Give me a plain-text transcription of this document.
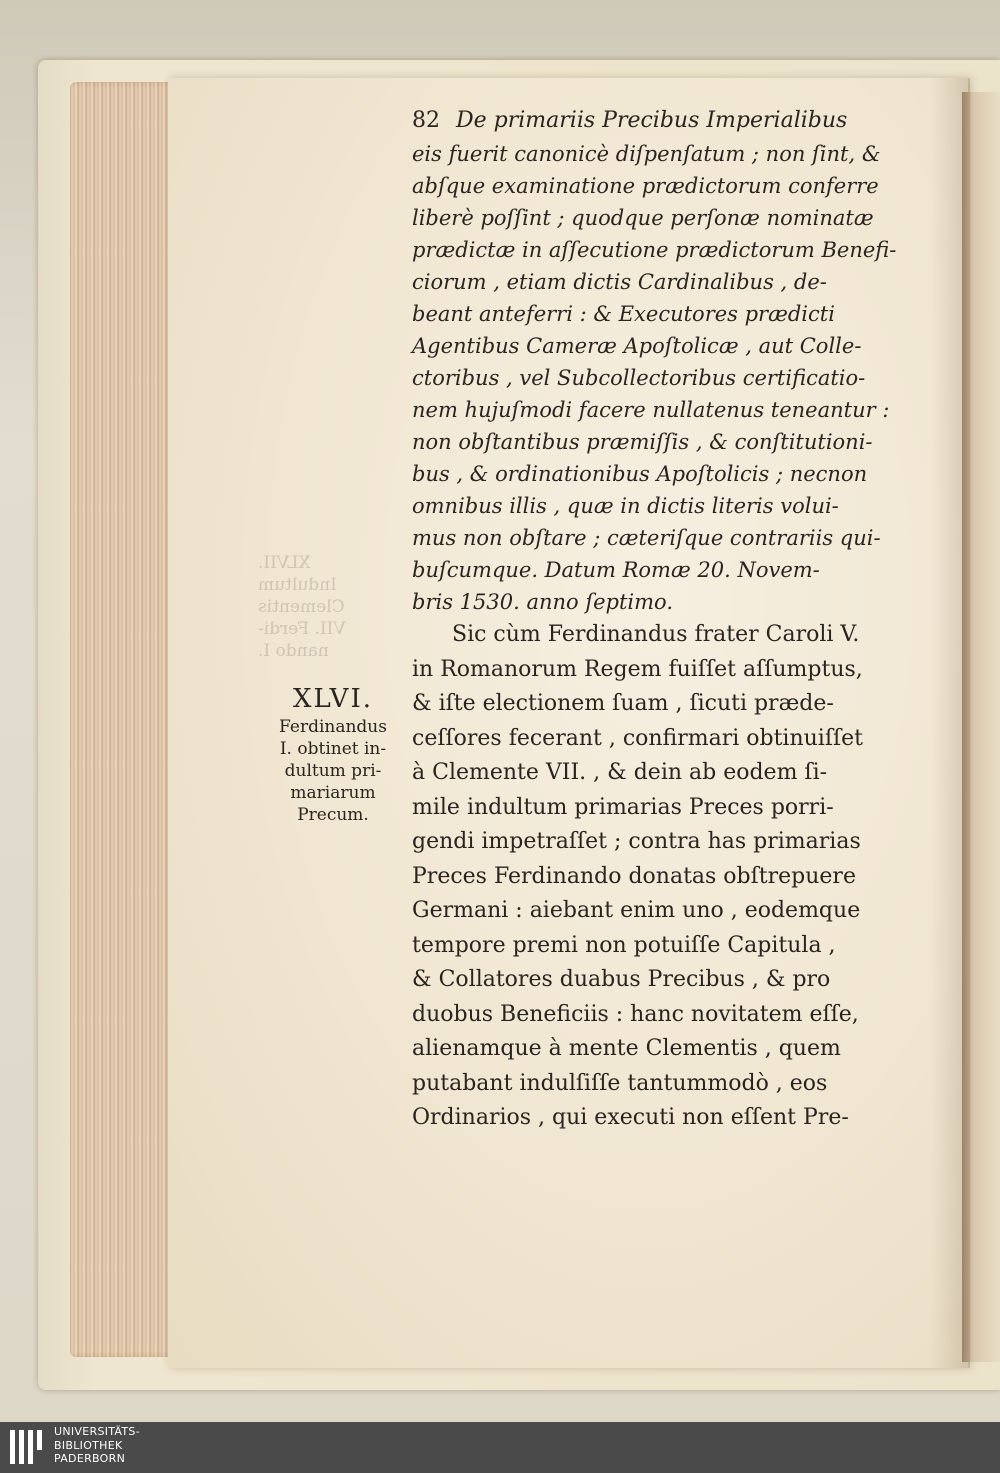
XLVII.
Indultum
Clementis
VII. Ferdi-
nando I.
82 De primariis Precibus Imperialibus
eis fuerit canonicè diſpenſatum ; non ſint, &
abſque examinatione prædictorum conferre
liberè poſſint ; quodque perſonæ nominatæ
prædictæ in aſſecutione prædictorum Benefi-
ciorum , etiam dictis Cardinalibus , de-
beant anteferri : & Executores prædicti
Agentibus Cameræ Apoſtolicæ , aut Colle-
ctoribus , vel Subcollectoribus certificatio-
nem hujuſmodi facere nullatenus teneantur :
non obſtantibus præmiſſis , & conſtitutioni-
bus , & ordinationibus Apoſtolicis ; necnon
omnibus illis , quæ in dictis literis volui-
mus non obſtare ; cæteriſque contrariis qui-
buſcumque. Datum Romæ 20. Novem-
bris 1530. anno ſeptimo.
Sic cùm Ferdinandus frater Caroli V.
in Romanorum Regem fuiſſet aſſumptus,
& iſte electionem ſuam , ſicuti præde-
ceſſores fecerant , confirmari obtinuiſſet
à Clemente VII. , & dein ab eodem ſi-
mile indultum primarias Preces porri-
gendi impetraſſet ; contra has primarias
Preces Ferdinando donatas obſtrepuere
Germani : aiebant enim uno , eodemque
tempore premi non potuiſſe Capitula ,
& Collatores duabus Precibus , & pro
duobus Beneficiis : hanc novitatem eſſe,
alienamque à mente Clementis , quem
putabant indulſiſſe tantummodò , eos
Ordinarios , qui executi non eſſent Pre-
XLVI.
Ferdinandus
I. obtinet in-
dultum pri-
mariarum
Precum.
UNIVERSITÄTS-
BIBLIOTHEK
PADERBORN
